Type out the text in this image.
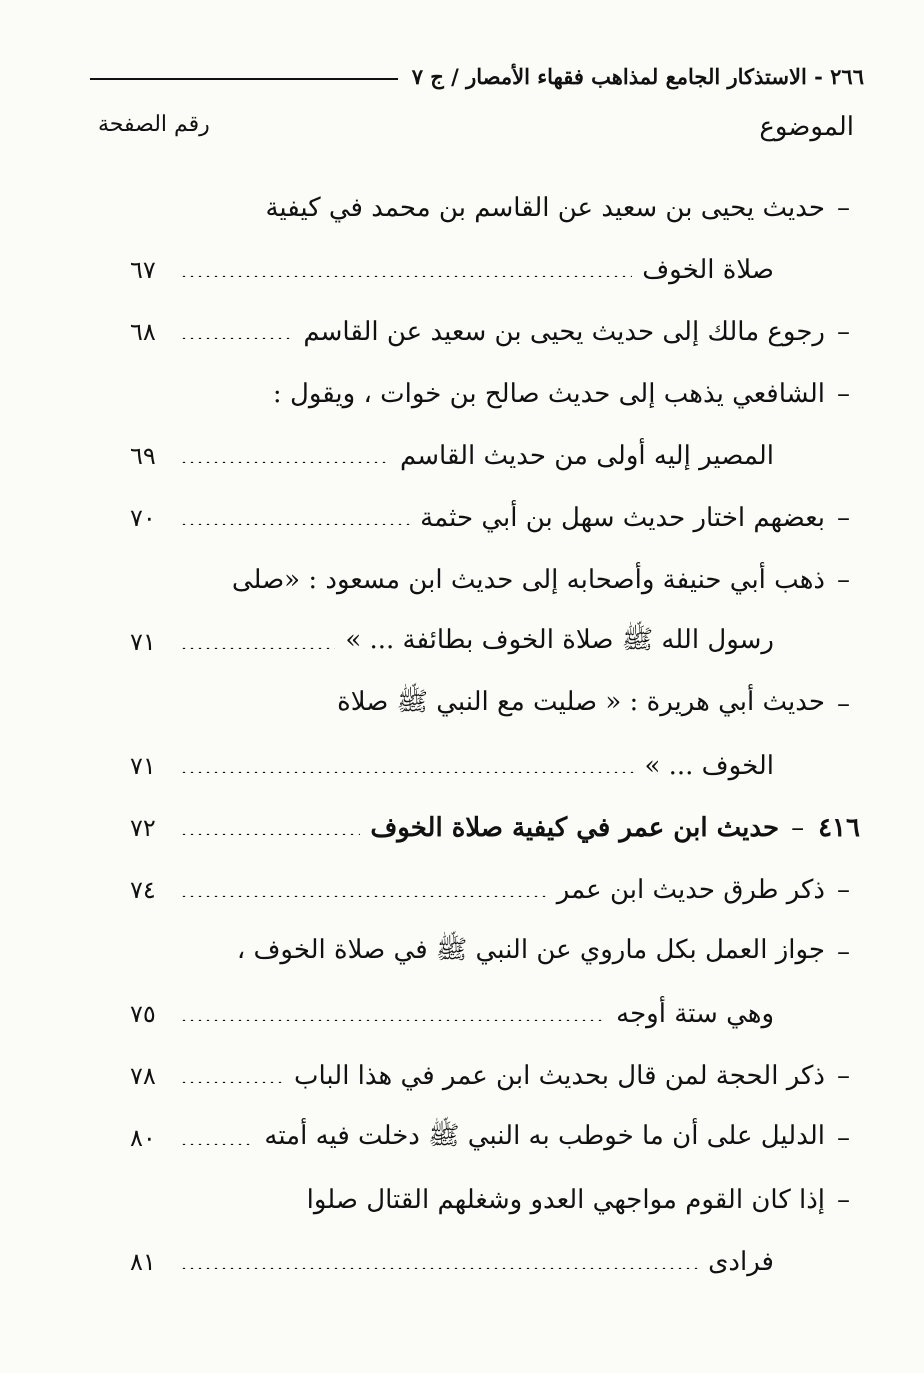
٢٦٦ - الاستذكار الجامع لمذاهب فقهاء الأمصار / ج ٧
الموضوع
رقم الصفحة
–
حديث يحيى بن سعيد عن القاسم بن محمد في كيفية
صلاة الخوف
٦٧
–
رجوع مالك إلى حديث يحيى بن سعيد عن القاسم
٦٨
–
الشافعي يذهب إلى حديث صالح بن خوات ، ويقول :
المصير إليه أولى من حديث القاسم
٦٩
–
بعضهم اختار حديث سهل بن أبي حثمة
٧٠
–
ذهب أبي حنيفة وأصحابه إلى حديث ابن مسعود : «صلى
رسول الله ﷺ صلاة الخوف بطائفة ... »
٧١
–
حديث أبي هريرة : « صليت مع النبي ﷺ صلاة
الخوف ... »
٧١
٤١٦
–
حديث ابن عمر في كيفية صلاة الخوف
٧٢
–
ذكر طرق حديث ابن عمر
٧٤
–
جواز العمل بكل ماروي عن النبي ﷺ في صلاة الخوف ،
وهي ستة أوجه
٧٥
–
ذكر الحجة لمن قال بحديث ابن عمر في هذا الباب
٧٨
–
الدليل على أن ما خوطب به النبي ﷺ دخلت فيه أمته
٨٠
–
إذا كان القوم مواجهي العدو وشغلهم القتال صلوا
فرادى
٨١
